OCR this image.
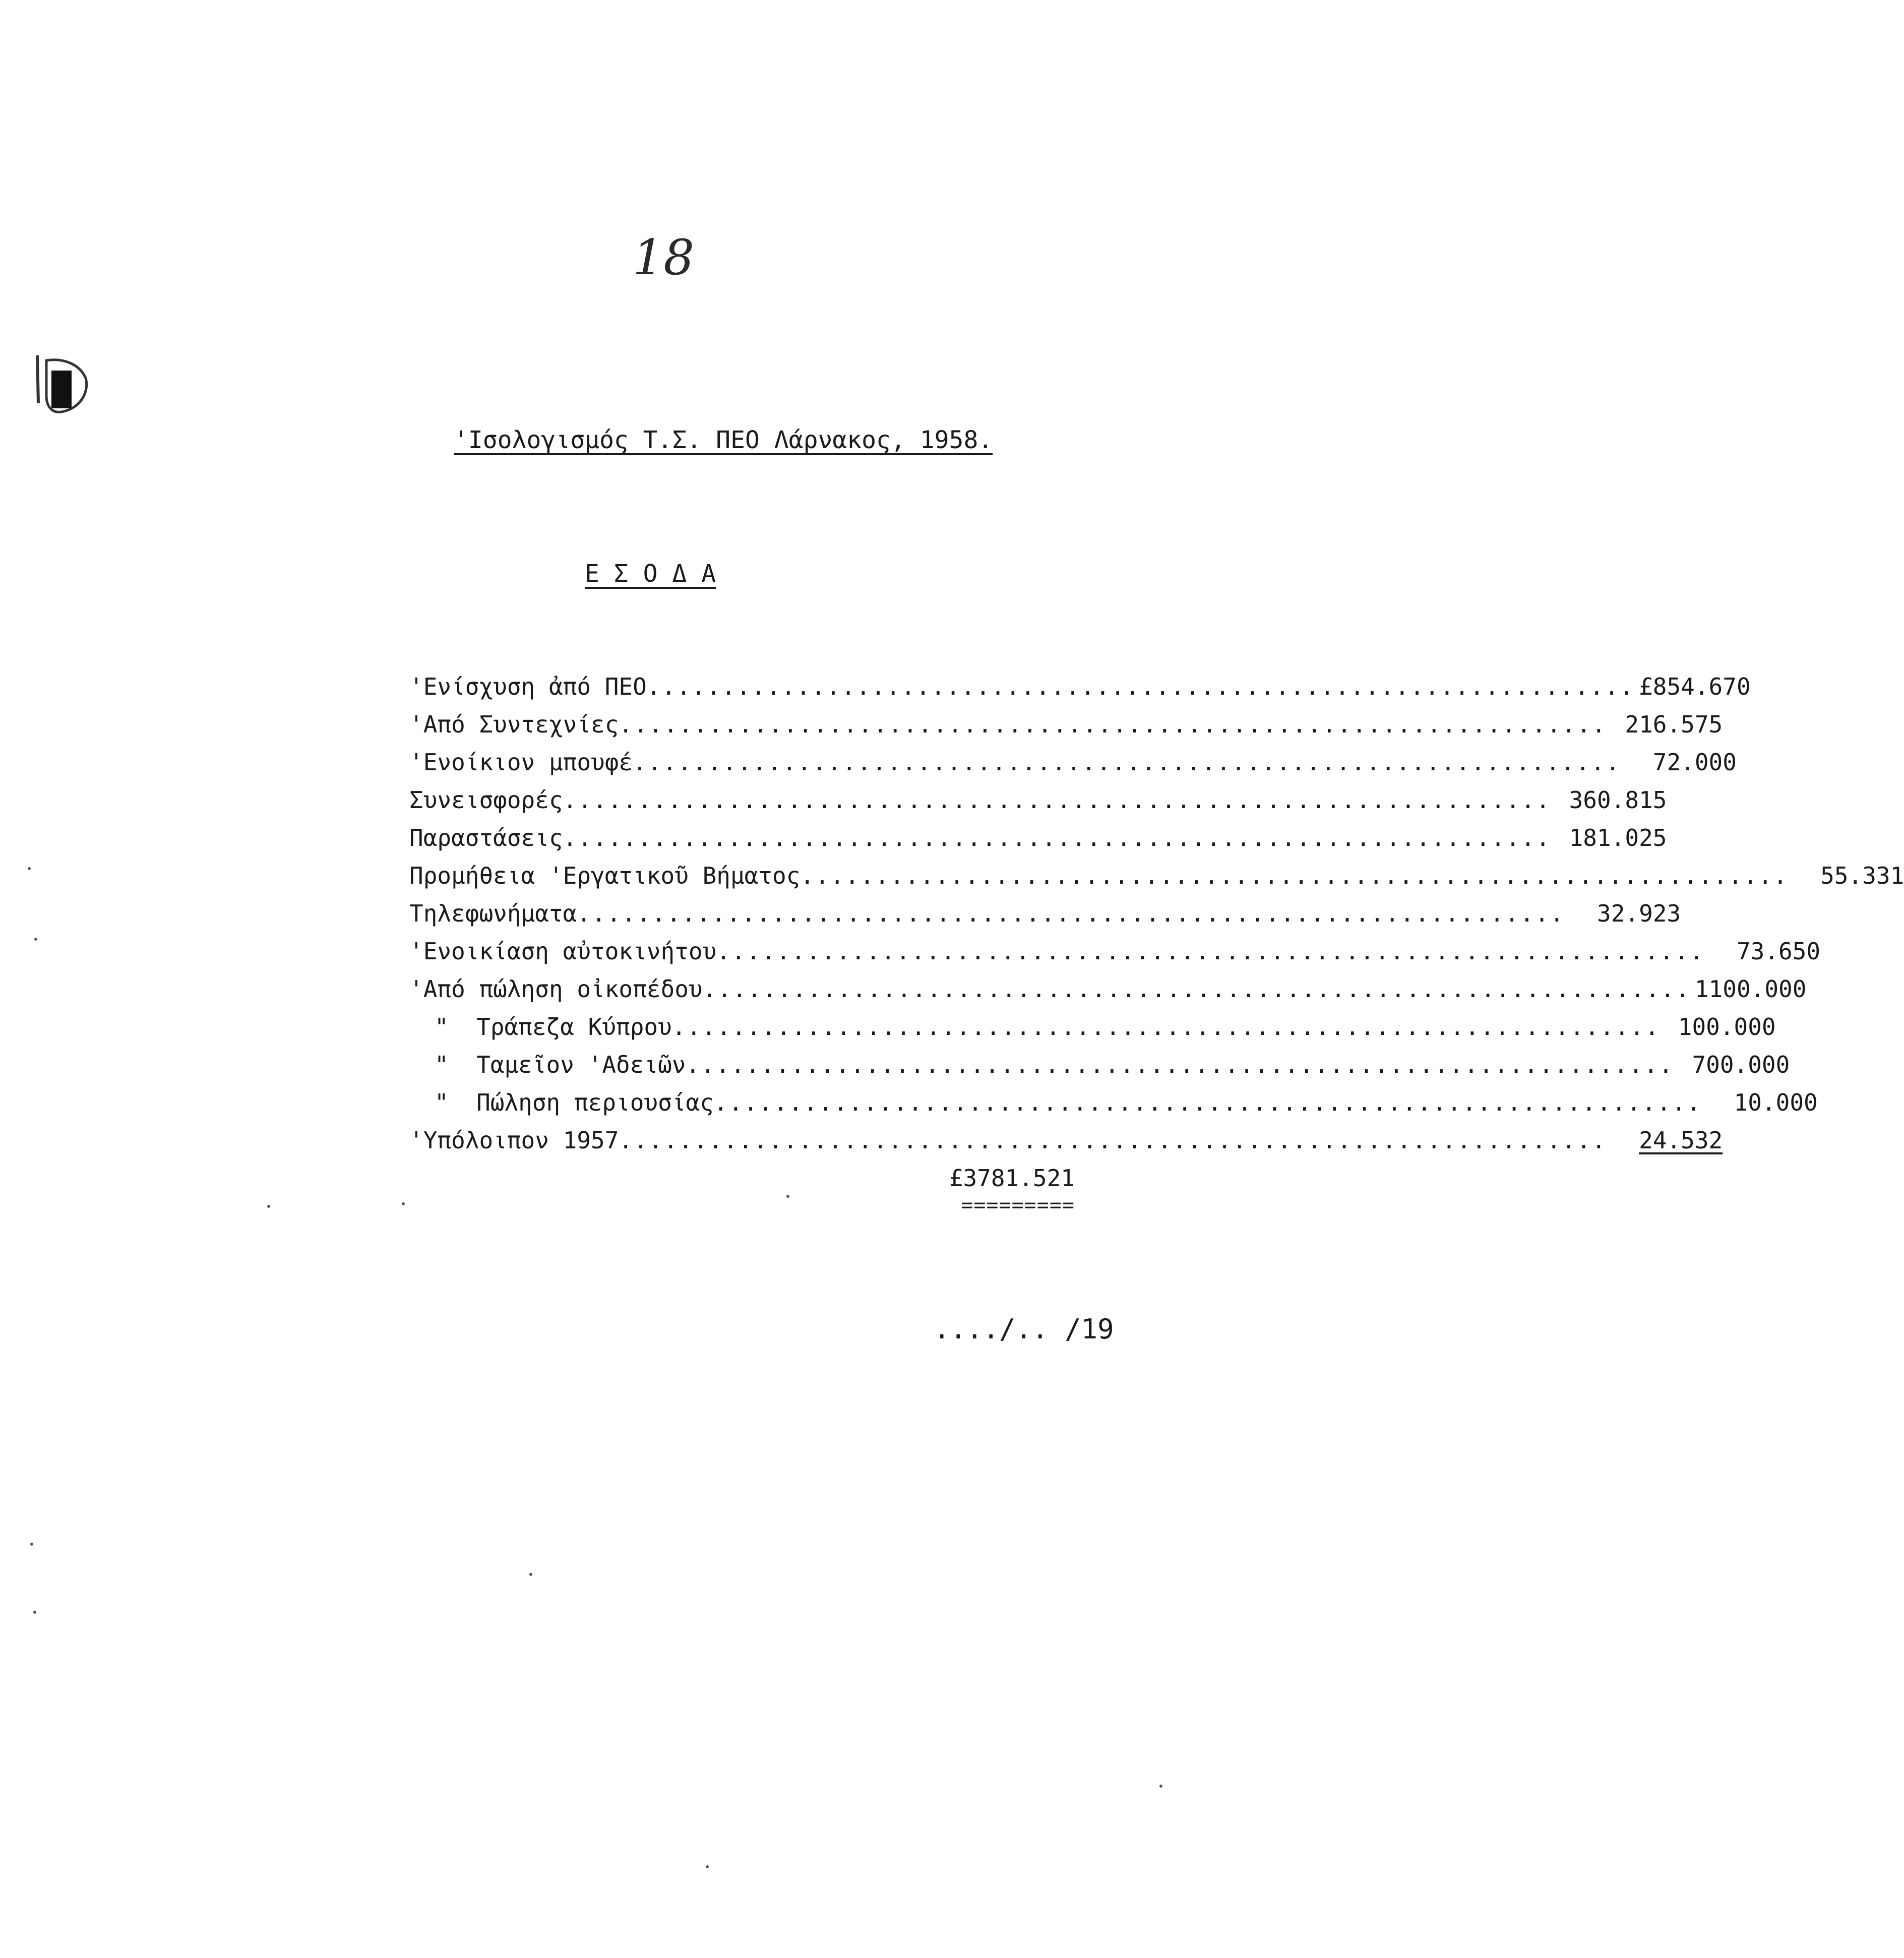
18
'Ισολογισμός Τ.Σ. ΠΕΟ Λάρνακος, 1958.
Ε Σ Ο Δ Α
'Ενίσχυση ἀπό ΠΕΟ .................................................................. £854.670
'Από Συντεχνίες .................................................................. 216.575
'Ενοίκιον μπουφέ ..................................................................	72.000
Συνεισφορές .................................................................. 360.815
Παραστάσεις .................................................................. 181.025
Προμήθεια 'Εργατικοῦ Βήματος ..................................................................	55.331
Τηλεφωνήματα ..................................................................	32.923
'Ενοικίαση αὐτοκινήτου ..................................................................	73.650
'Από πώληση οἰκοπέδου .................................................................. 1100.000
"  Τράπεζα Κύπρου .................................................................. 100.000
"  Ταμεῖον 'Αδειῶν .................................................................. 700.000
"  Πώληση περιουσίας ..................................................................	10.000
'Υπόλοιπον 1957 ..................................................................	24.532
£3781.521
=========
..../.. /19
